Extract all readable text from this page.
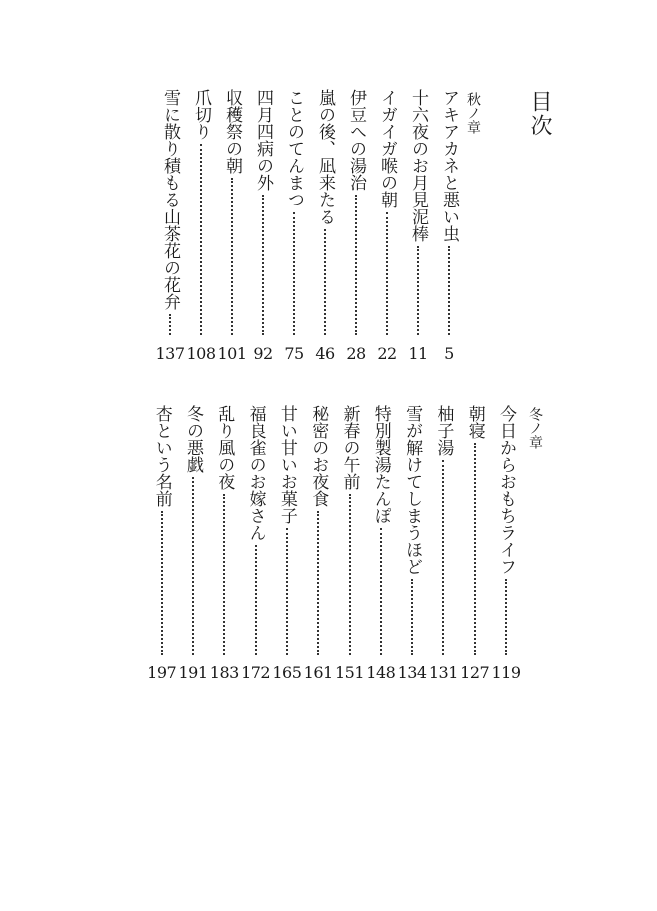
目次
秋ノ章
アキアカネと悪い虫
5
十六夜のお月見泥棒
11
イガイガ喉の朝
22
伊豆への湯治
28
嵐の後、凪来たる
46
ことのてんまつ
75
四月四病の外
92
収穫祭の朝
101
爪切り
108
雪に散り積もる山茶花の花弁
137
冬ノ章
今日からおもちライフ
119
朝寝
127
柚子湯
131
雪が解けてしまうほど
134
特別製湯たんぽ
148
新春の午前
151
秘密のお夜食
161
甘い甘いお菓子
165
福良雀のお嫁さん
172
乱り風の夜
183
冬の悪戯
191
杏という名前
197
